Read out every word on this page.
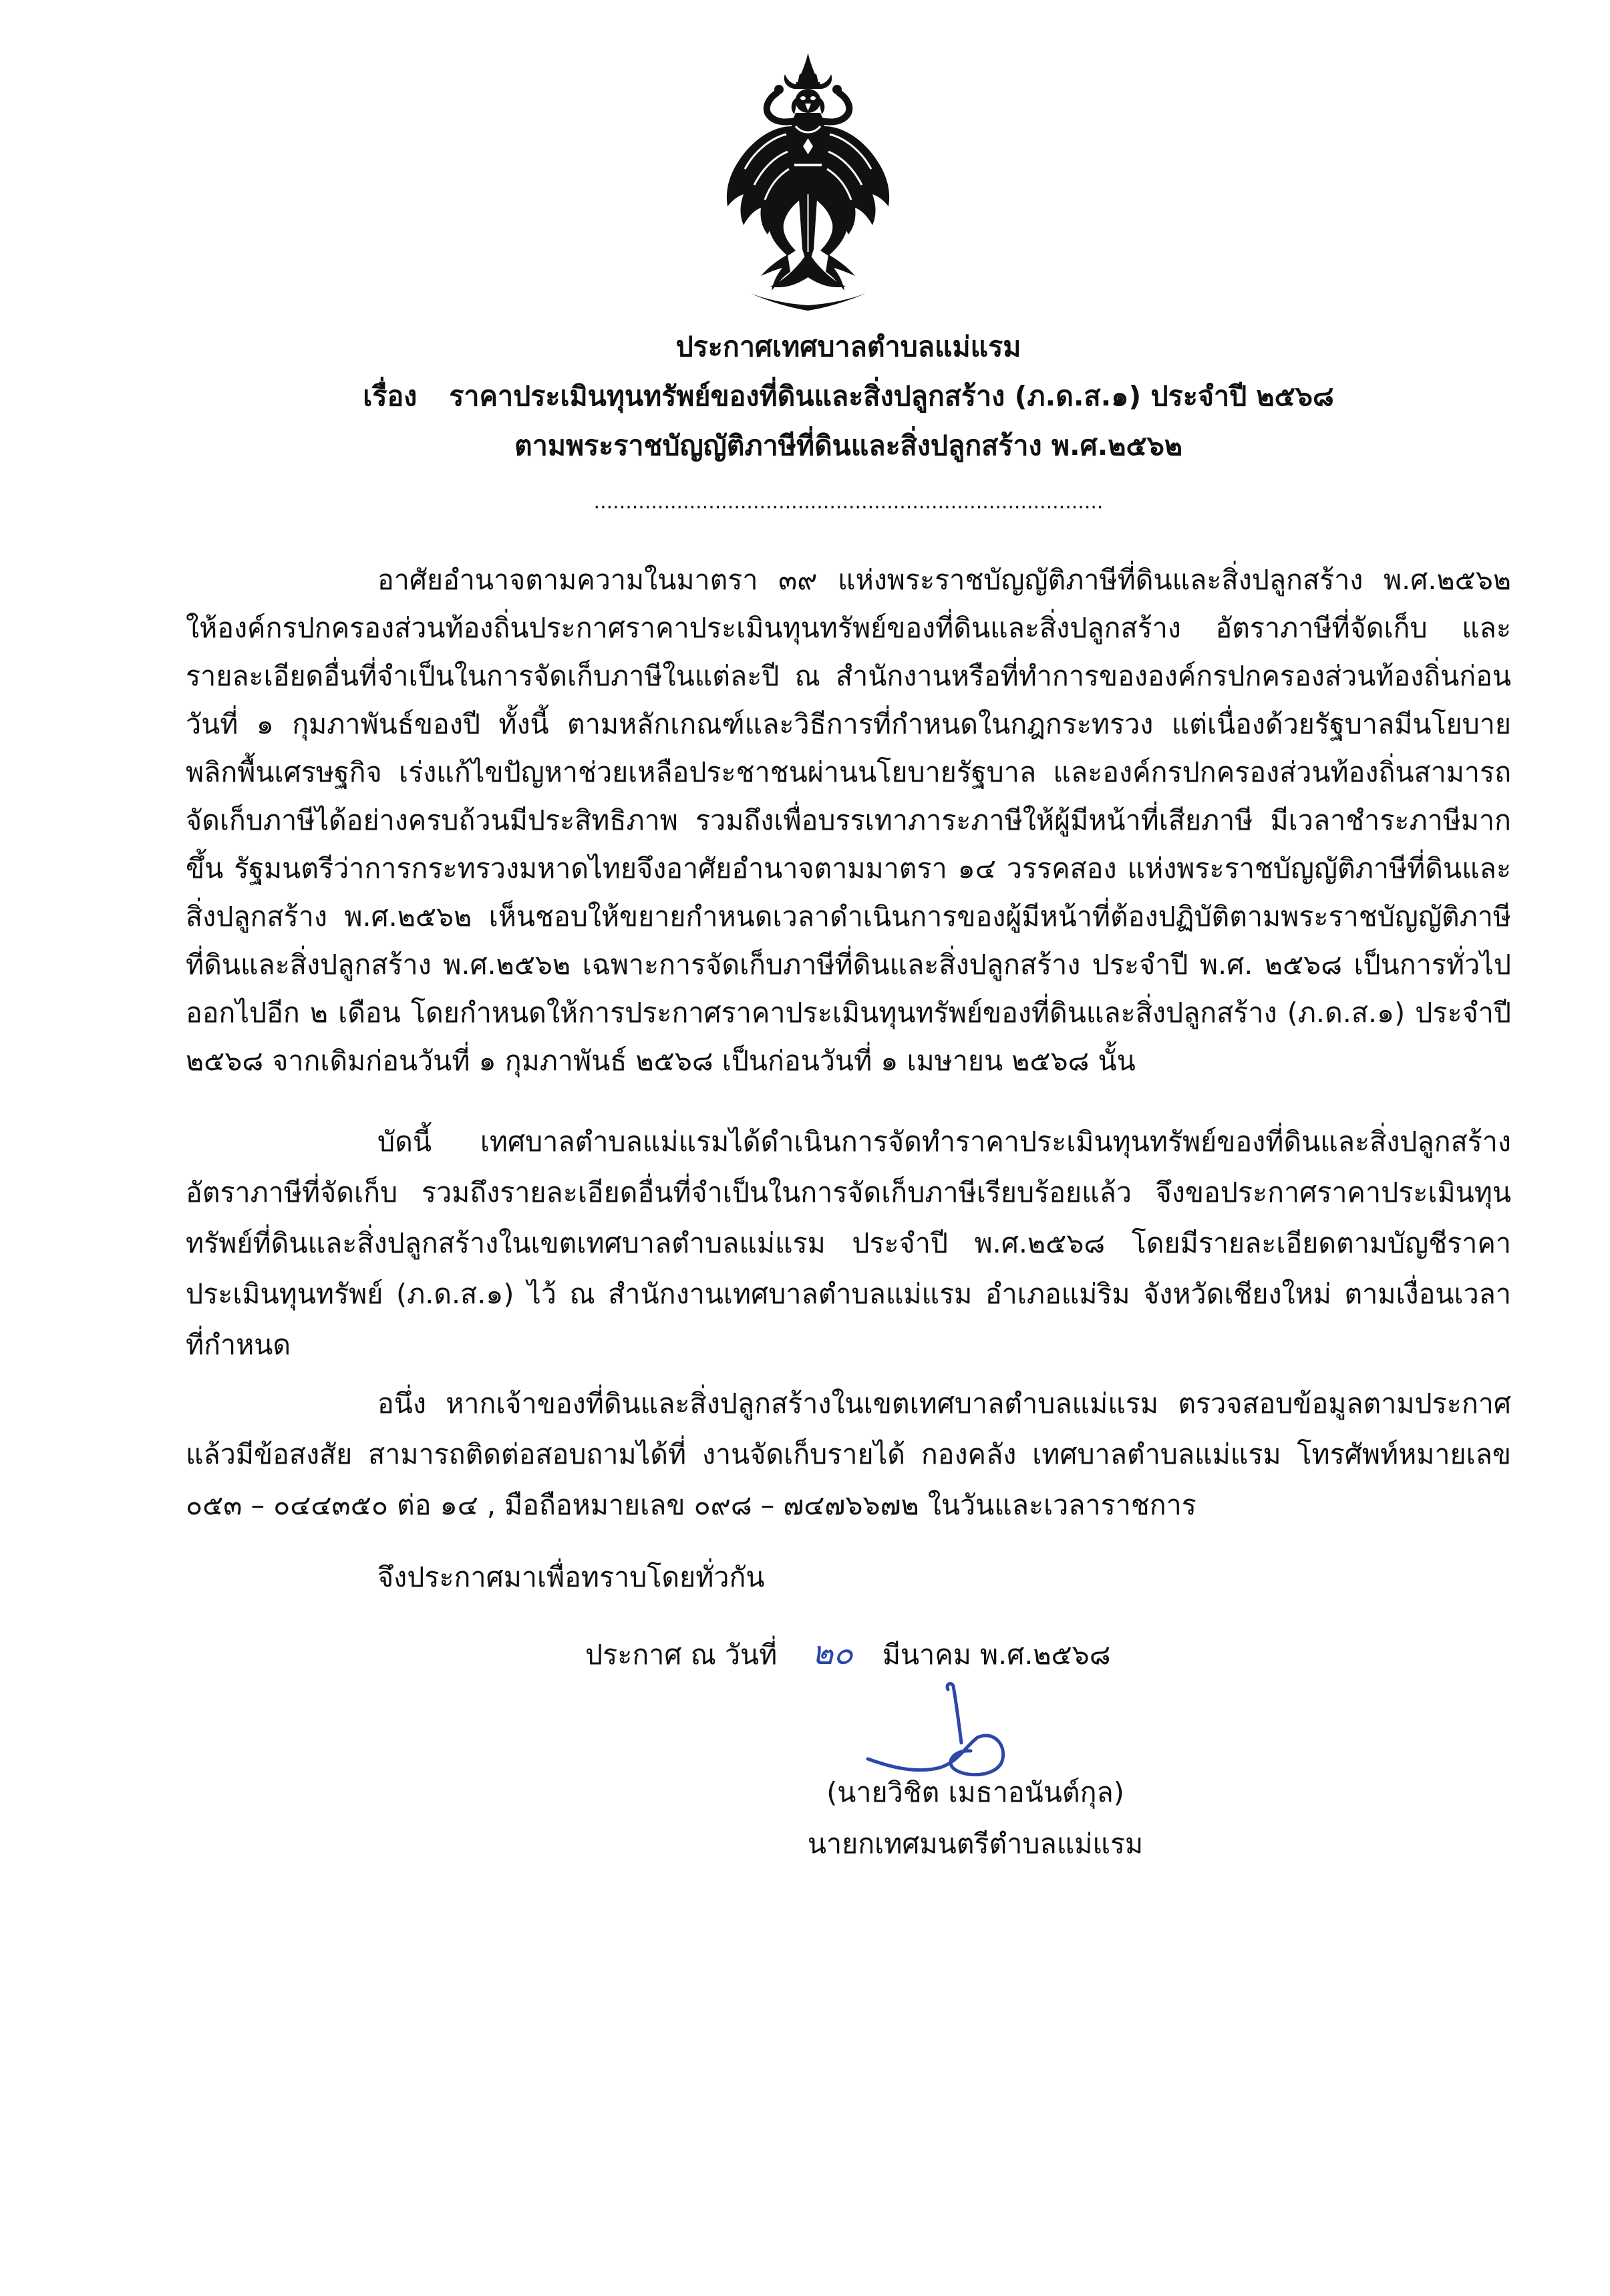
ประกาศเทศบาลตำบลแม่แรม
เรื่อง ราคาประเมินทุนทรัพย์ของที่ดินและสิ่งปลูกสร้าง (ภ.ด.ส.๑) ประจำปี ๒๕๖๘
ตามพระราชบัญญัติภาษีที่ดินและสิ่งปลูกสร้าง พ.ศ.๒๕๖๒
................................................................................
อาศัยอำนาจตามความในมาตรา ๓๙ แห่งพระราชบัญญัติภาษีที่ดินและสิ่งปลูกสร้าง พ.ศ.๒๕๖๒
ให้องค์กรปกครองส่วนท้องถิ่นประกาศราคาประเมินทุนทรัพย์ของที่ดินและสิ่งปลูกสร้าง อัตราภาษีที่จัดเก็บ และ
รายละเอียดอื่นที่จำเป็นในการจัดเก็บภาษีในแต่ละปี ณ สำนักงานหรือที่ทำการขององค์กรปกครองส่วนท้องถิ่นก่อน
วันที่ ๑ กุมภาพันธ์ของปี ทั้งนี้ ตามหลักเกณฑ์และวิธีการที่กำหนดในกฎกระทรวง แต่เนื่องด้วยรัฐบาลมีนโยบาย
พลิกพื้นเศรษฐกิจ เร่งแก้ไขปัญหาช่วยเหลือประชาชนผ่านนโยบายรัฐบาล และองค์กรปกครองส่วนท้องถิ่นสามารถ
จัดเก็บภาษีได้อย่างครบถ้วนมีประสิทธิภาพ รวมถึงเพื่อบรรเทาภาระภาษีให้ผู้มีหน้าที่เสียภาษี มีเวลาชำระภาษีมาก
ขึ้น รัฐมนตรีว่าการกระทรวงมหาดไทยจึงอาศัยอำนาจตามมาตรา ๑๔ วรรคสอง แห่งพระราชบัญญัติภาษีที่ดินและ
สิ่งปลูกสร้าง พ.ศ.๒๕๖๒ เห็นชอบให้ขยายกำหนดเวลาดำเนินการของผู้มีหน้าที่ต้องปฏิบัติตามพระราชบัญญัติภาษี
ที่ดินและสิ่งปลูกสร้าง พ.ศ.๒๕๖๒ เฉพาะการจัดเก็บภาษีที่ดินและสิ่งปลูกสร้าง ประจำปี พ.ศ. ๒๕๖๘ เป็นการทั่วไป
ออกไปอีก ๒ เดือน โดยกำหนดให้การประกาศราคาประเมินทุนทรัพย์ของที่ดินและสิ่งปลูกสร้าง (ภ.ด.ส.๑) ประจำปี
๒๕๖๘ จากเดิมก่อนวันที่ ๑ กุมภาพันธ์ ๒๕๖๘ เป็นก่อนวันที่ ๑ เมษายน ๒๕๖๘ นั้น
บัดนี้ เทศบาลตำบลแม่แรมได้ดำเนินการจัดทำราคาประเมินทุนทรัพย์ของที่ดินและสิ่งปลูกสร้าง
อัตราภาษีที่จัดเก็บ รวมถึงรายละเอียดอื่นที่จำเป็นในการจัดเก็บภาษีเรียบร้อยแล้ว จึงขอประกาศราคาประเมินทุน
ทรัพย์ที่ดินและสิ่งปลูกสร้างในเขตเทศบาลตำบลแม่แรม ประจำปี พ.ศ.๒๕๖๘ โดยมีรายละเอียดตามบัญชีราคา
ประเมินทุนทรัพย์ (ภ.ด.ส.๑) ไว้ ณ สำนักงานเทศบาลตำบลแม่แรม อำเภอแม่ริม จังหวัดเชียงใหม่ ตามเงื่อนเวลา
ที่กำหนด
อนึ่ง หากเจ้าของที่ดินและสิ่งปลูกสร้างในเขตเทศบาลตำบลแม่แรม ตรวจสอบข้อมูลตามประกาศ
แล้วมีข้อสงสัย สามารถติดต่อสอบถามได้ที่ งานจัดเก็บรายได้ กองคลัง เทศบาลตำบลแม่แรม โทรศัพท์หมายเลข
๐๕๓ – ๐๔๔๓๕๐ ต่อ ๑๔ , มือถือหมายเลข ๐๙๘ – ๗๔๗๖๖๗๒ ในวันและเวลาราชการ
จึงประกาศมาเพื่อทราบโดยทั่วกัน
ประกาศ ณ วันที่ ๒๐ มีนาคม พ.ศ.๒๕๖๘
(นายวิชิต เมธาอนันต์กุล)
นายกเทศมนตรีตำบลแม่แรม
